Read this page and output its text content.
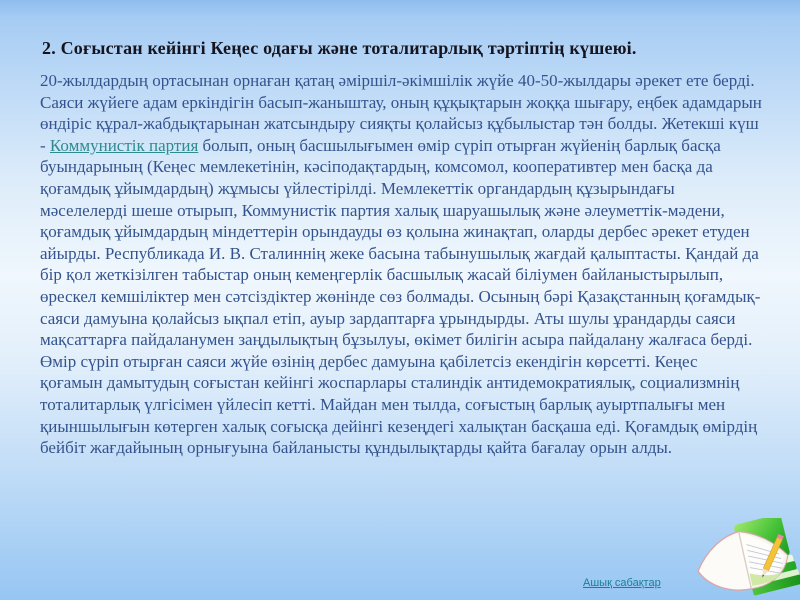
2. Соғыстан кейінгі Кеңес одағы және тоталитарлық тәртіптің күшеюі.
20-жылдардың ортасынан орнаған қатаң әміршіл-әкімшілік жүйе 40-50-жылдары әрекет ете берді. Саяси жүйеге адам еркіндігін басып-жаныштау, оның құқықтарын жоққа шығару, еңбек адамдарын өндіріс құрал-жабдықтарынан жатсындыру сияқты қолайсыз құбылыстар тән болды. Жетекші күш - Коммунистік партия болып, оның басшылығымен өмір сүріп отырған жүйенің барлық басқа буындарының (Кеңес мемлекетінін, кәсіподақтардың, комсомол, кооперативтер мен басқа да қоғамдық ұйымдардың) жұмысы үйлестірілді. Мемлекеттік органдардың құзырындағы мәселелерді шеше отырып, Коммунистік партия халық шаруашылық және әлеуметтік-мәдени, қоғамдық ұйымдардың міндеттерін орындауды өз қолына жинақтап, оларды дербес әрекет етуден айырды. Республикада И. В. Сталиннің жеке басына табынушылық жағдай қалыптасты. Қандай да бір қол жеткізілген табыстар оның кемеңгерлік басшылық жасай біліумен байланыстырылып, өрескел кемшіліктер мен сәтсіздіктер жөнінде сөз болмады. Осының бәрі Қазақстанның қоғамдық-саяси дамуына қолайсыз ықпал етіп, ауыр зардаптарға ұрындырды. Аты шулы ұрандарды саяси мақсаттарға пайдаланумен заңдылықтың бұзылуы, өкімет билігін асыра пайдалану жалғаса берді. Өмір сүріп отырған саяси жүйе өзінің дербес дамуына қабілетсіз екендігін көрсетті. Кеңес қоғамын дамытудың соғыстан кейінгі жоспарлары сталиндік антидемократиялық, социализмнің тоталитарлық үлгісімен үйлесіп кетті. Майдан мен тылда, соғыстың барлық ауыртпалығы мен қиыншылығын көтерген халық соғысқа дейінгі кезеңдегі халықтан басқаша еді. Қоғамдық өмірдің бейбіт жағдайының орнығуына байланысты құндылықтарды қайта бағалау орын алды.
Ашық сабақтар
